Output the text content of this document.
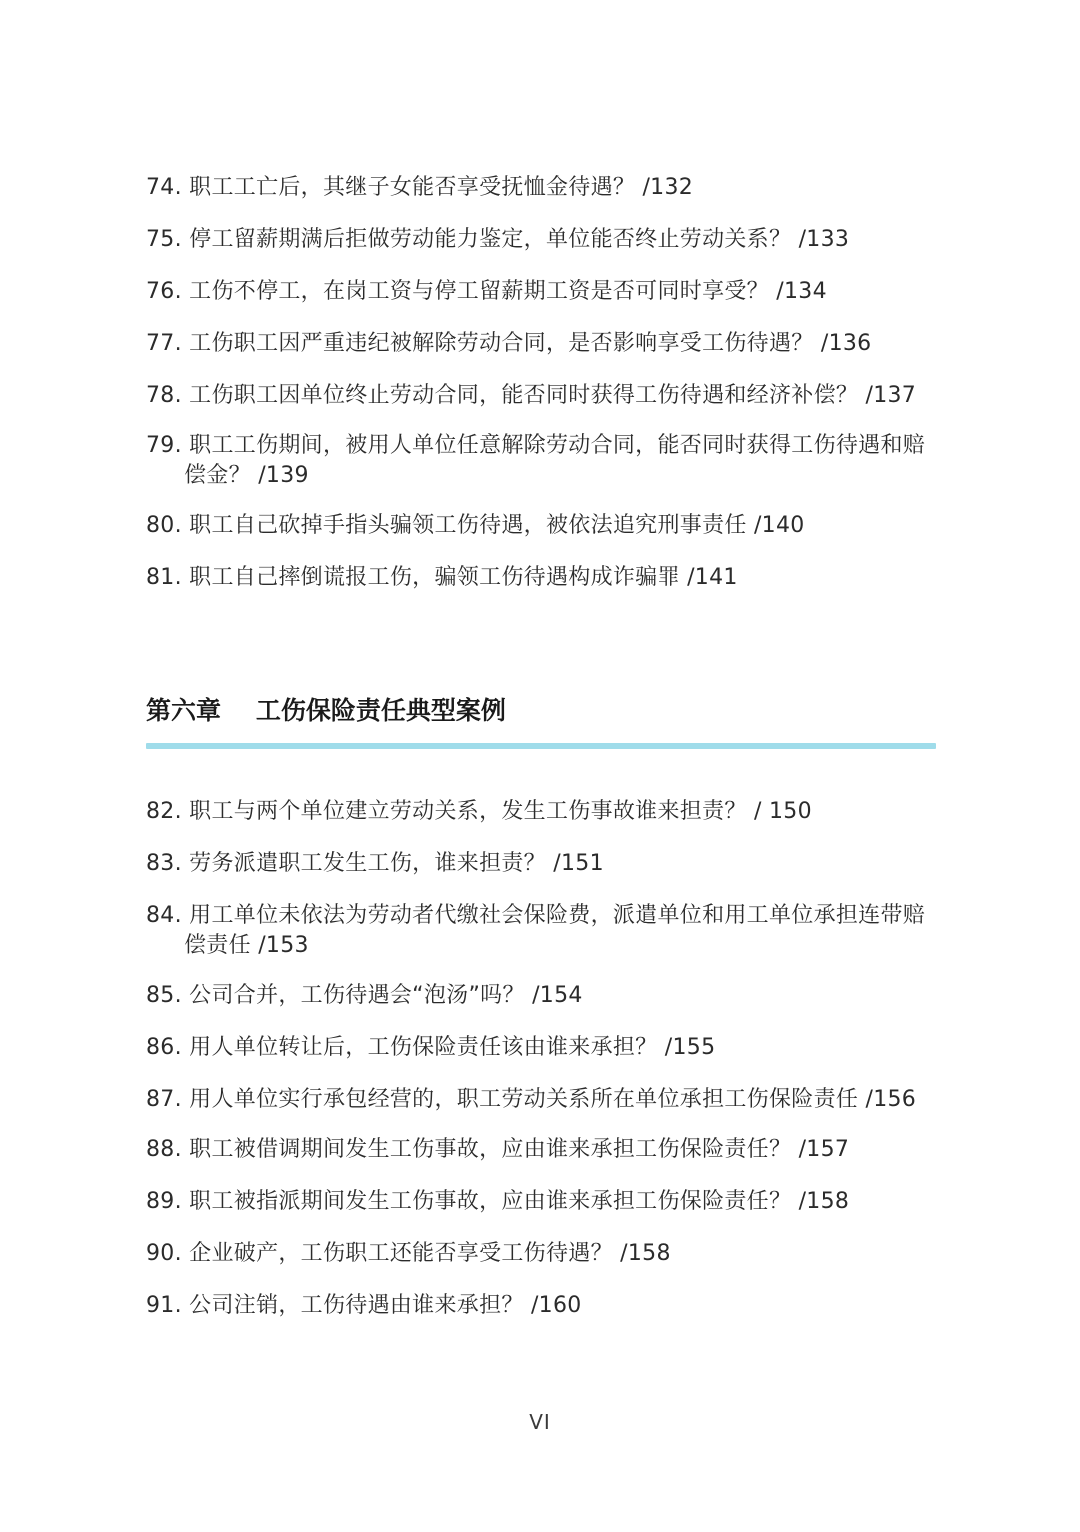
74. 职工工亡后，其继子女能否享受抚恤金待遇？ /132
75. 停工留薪期满后拒做劳动能力鉴定，单位能否终止劳动关系？ /133
76. 工伤不停工，在岗工资与停工留薪期工资是否可同时享受？ /134
77. 工伤职工因严重违纪被解除劳动合同，是否影响享受工伤待遇？ /136
78. 工伤职工因单位终止劳动合同，能否同时获得工伤待遇和经济补偿？ /137
79. 职工工伤期间，被用人单位任意解除劳动合同，能否同时获得工伤待遇和赔偿金？ /139
80. 职工自己砍掉手指头骗领工伤待遇，被依法追究刑事责任 /140
81. 职工自己摔倒谎报工伤，骗领工伤待遇构成诈骗罪 /141
第六章    工伤保险责任典型案例
82. 职工与两个单位建立劳动关系，发生工伤事故谁来担责？ / 150
83. 劳务派遣职工发生工伤，谁来担责？ /151
84. 用工单位未依法为劳动者代缴社会保险费，派遣单位和用工单位承担连带赔偿责任 /153
85. 公司合并，工伤待遇会“泡汤”吗？ /154
86. 用人单位转让后，工伤保险责任该由谁来承担？ /155
87. 用人单位实行承包经营的，职工劳动关系所在单位承担工伤保险责任 /156
88. 职工被借调期间发生工伤事故，应由谁来承担工伤保险责任？ /157
89. 职工被指派期间发生工伤事故，应由谁来承担工伤保险责任？ /158
90. 企业破产，工伤职工还能否享受工伤待遇？ /158
91. 公司注销，工伤待遇由谁来承担？ /160
VI
